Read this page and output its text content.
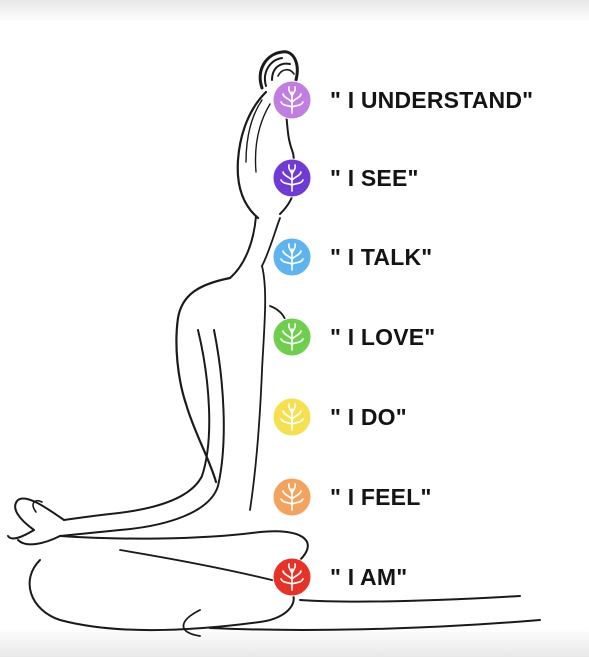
" I UNDERSTAND"
" I SEE"
" I TALK"
" I LOVE"
" I DO"
" I FEEL"
" I AM"
